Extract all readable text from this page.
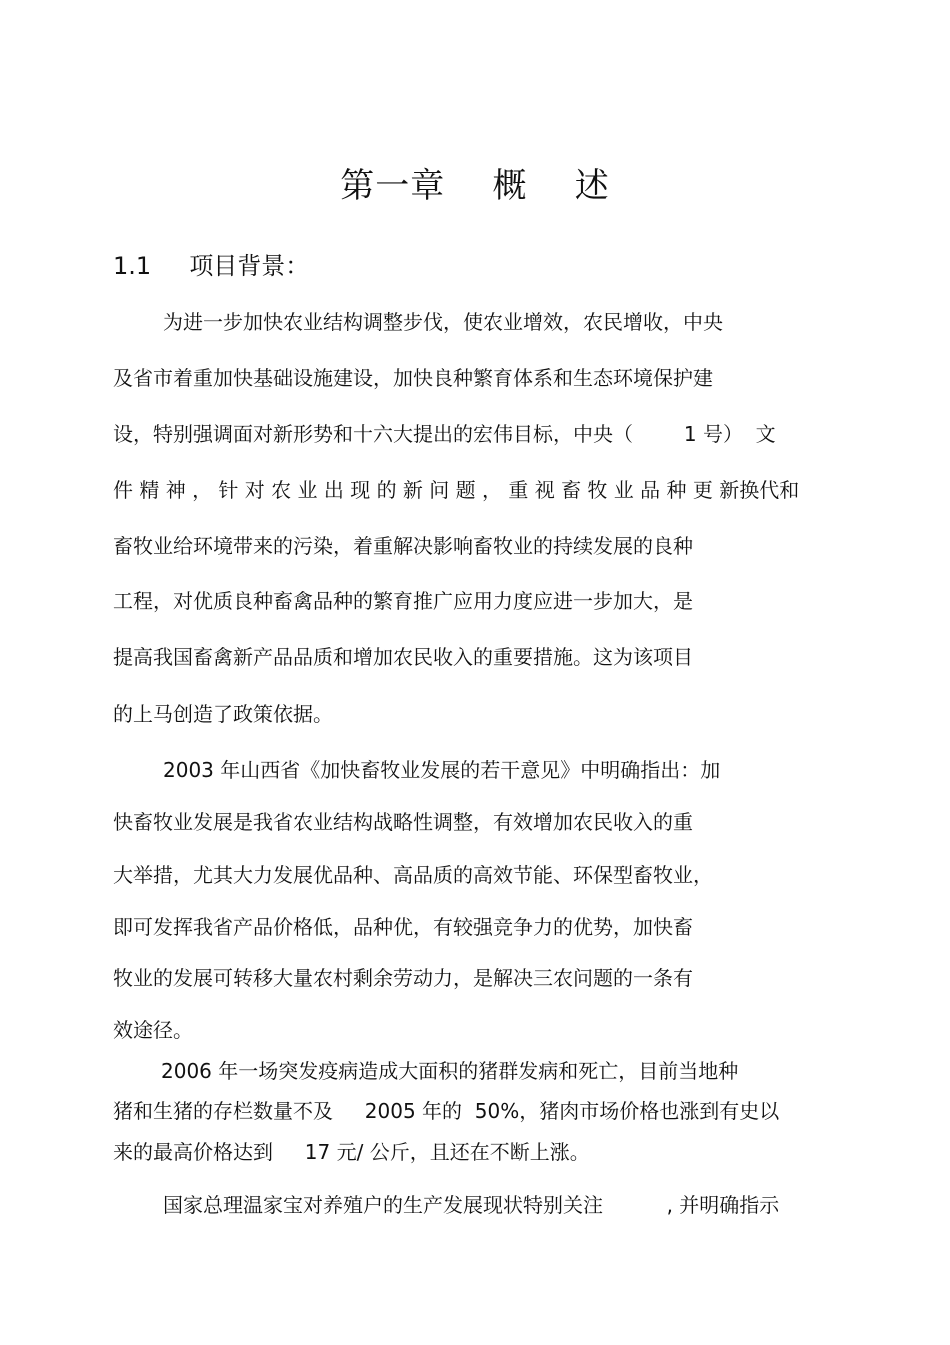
第一章    概    述
1.1     项目背景：
为进一步加快农业结构调整步伐，使农业增效，农民增收，中央
及省市着重加快基础设施建设，加快良种繁育体系和生态环境保护建
设，特别强调面对新形势和十六大提出的宏伟目标，中央（        1 号）  文
件 精 神 ， 针 对 农 业 出 现 的 新 问 题 ， 重 视 畜 牧 业 品 种 更 新换代和
畜牧业给环境带来的污染，着重解决影响畜牧业的持续发展的良种
工程，对优质良种畜禽品种的繁育推广应用力度应进一步加大，是
提高我国畜禽新产品品质和增加农民收入的重要措施。这为该项目
的上马创造了政策依据。
2003 年山西省《加快畜牧业发展的若干意见》中明确指出：加
快畜牧业发展是我省农业结构战略性调整，有效增加农民收入的重
大举措，尤其大力发展优品种、高品质的高效节能、环保型畜牧业，
即可发挥我省产品价格低，品种优，有较强竞争力的优势，加快畜
牧业的发展可转移大量农村剩余劳动力，是解决三农问题的一条有
效途径。
2006 年一场突发疫病造成大面积的猪群发病和死亡，目前当地种
猪和生猪的存栏数量不及     2005 年的  50%，猪肉市场价格也涨到有史以
来的最高价格达到     17 元/ 公斤，且还在不断上涨。
国家总理温家宝对养殖户的生产发展现状特别关注          , 并明确指示
